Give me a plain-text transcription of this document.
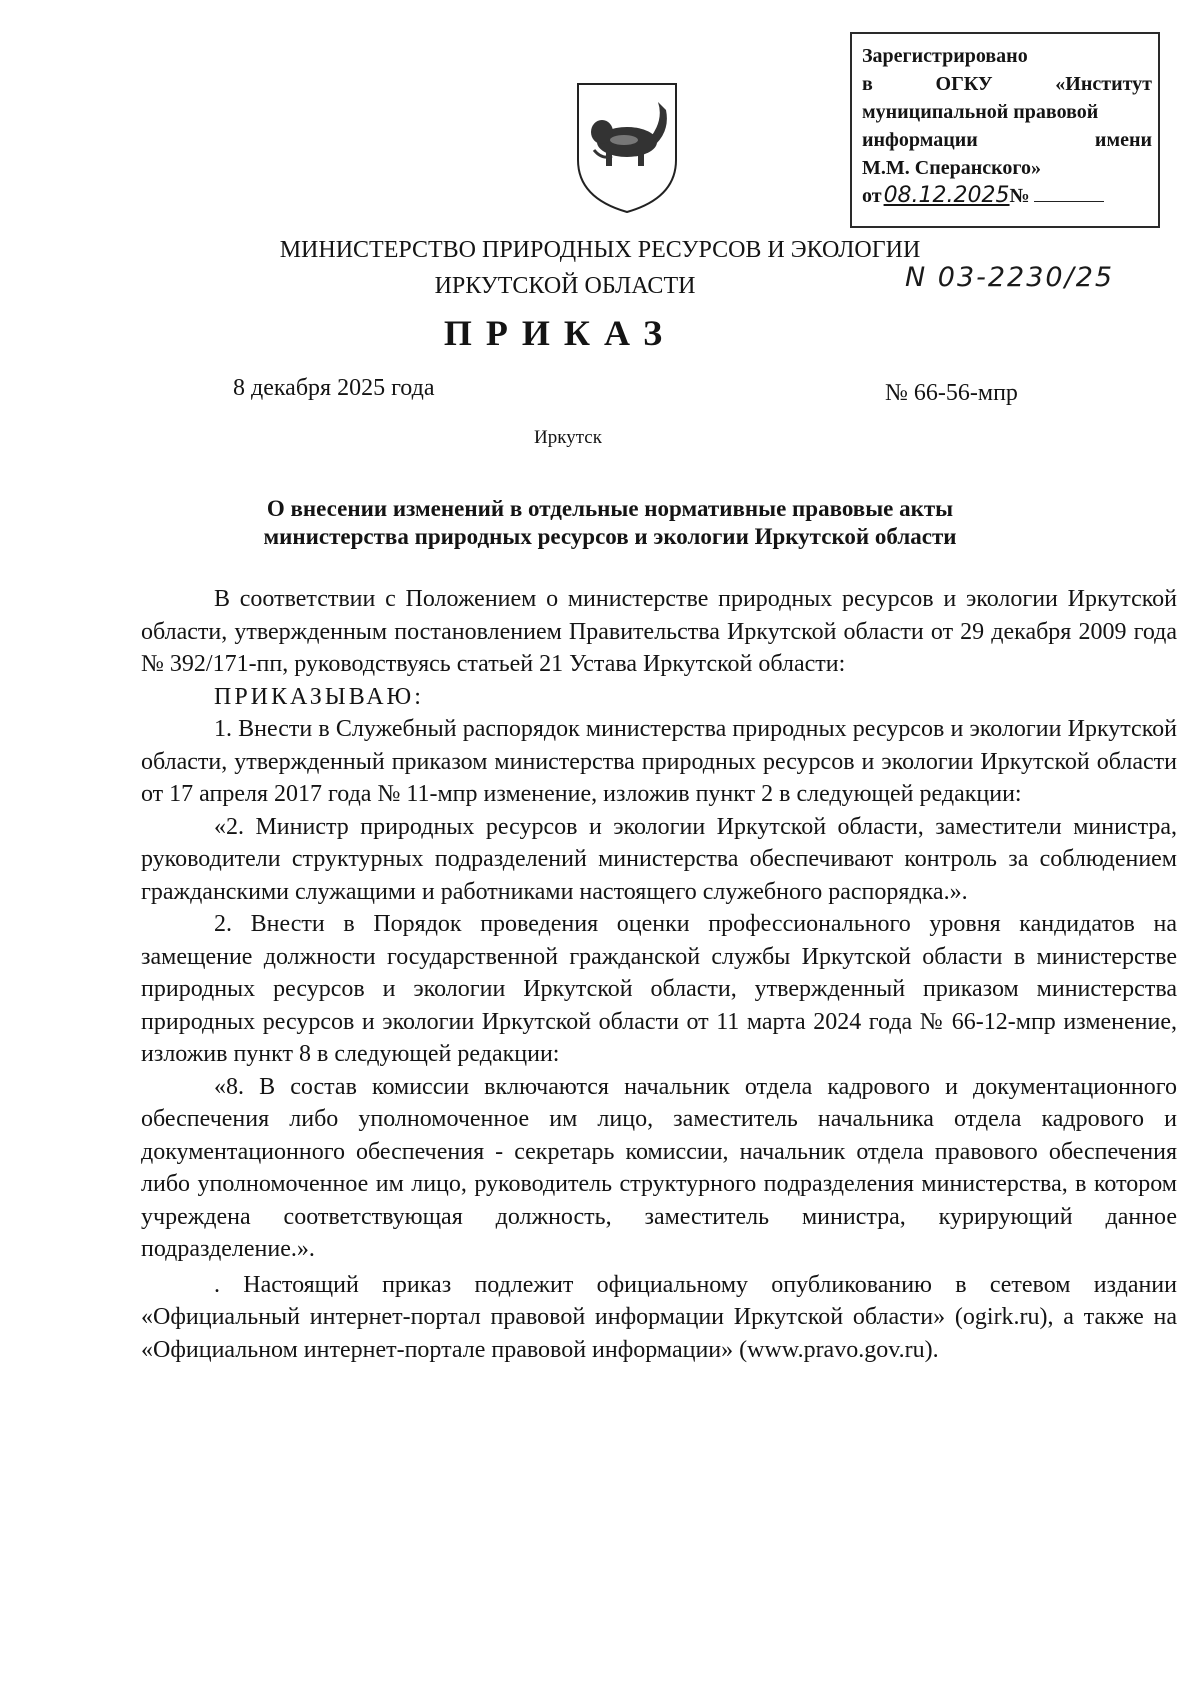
Зарегистрировано
в	ОГКУ	«Институт
муниципальной правовой
информации	имени
М.М. Сперанского»
от 08.12.2025 №
МИНИСТЕРСТВО ПРИРОДНЫХ РЕСУРСОВ И ЭКОЛОГИИ
ИРКУТСКОЙ ОБЛАСТИ	N 03-2230/25
ПРИКАЗ
8 декабря 2025 года	№ 66-56-мпр
Иркутск
О внесении изменений в отдельные нормативные правовые акты
министерства природных ресурсов и экологии Иркутской области

В соответствии с Положением о министерстве природных ресурсов и экологии Иркутской области, утвержденным постановлением Правительства Иркутской области от 29 декабря 2009 года № 392/171-пп, руководствуясь статьей 21 Устава Иркутской области:

ПРИКАЗЫВАЮ:

1. Внести в Служебный распорядок министерства природных ресурсов и экологии Иркутской области, утвержденный приказом министерства природных ресурсов и экологии Иркутской области от 17 апреля 2017 года № 11-мпр изменение, изложив пункт 2 в следующей редакции:

«2. Министр природных ресурсов и экологии Иркутской области, заместители министра, руководители структурных подразделений министерства обеспечивают контроль за соблюдением гражданскими служащими и работниками настоящего служебного распорядка.».

2. Внести в Порядок проведения оценки профессионального уровня кандидатов на замещение должности государственной гражданской службы Иркутской области в министерстве природных ресурсов и экологии Иркутской области, утвержденный приказом министерства природных ресурсов и экологии Иркутской области от 11 марта 2024 года № 66-12-мпр изменение, изложив пункт 8 в следующей редакции:

«8. В состав комиссии включаются начальник отдела кадрового и документационного обеспечения либо уполномоченное им лицо, заместитель начальника отдела кадрового и документационного обеспечения - секретарь комиссии, начальник отдела правового обеспечения либо уполномоченное им лицо, руководитель структурного подразделения министерства, в котором учреждена соответствующая должность, заместитель министра, курирующий данное подразделение.».

. Настоящий приказ подлежит официальному опубликованию в сетевом издании «Официальный интернет-портал правовой информации Иркутской области» (ogirk.ru), а также на «Официальном интернет-портале правовой информации» (www.pravo.gov.ru).
